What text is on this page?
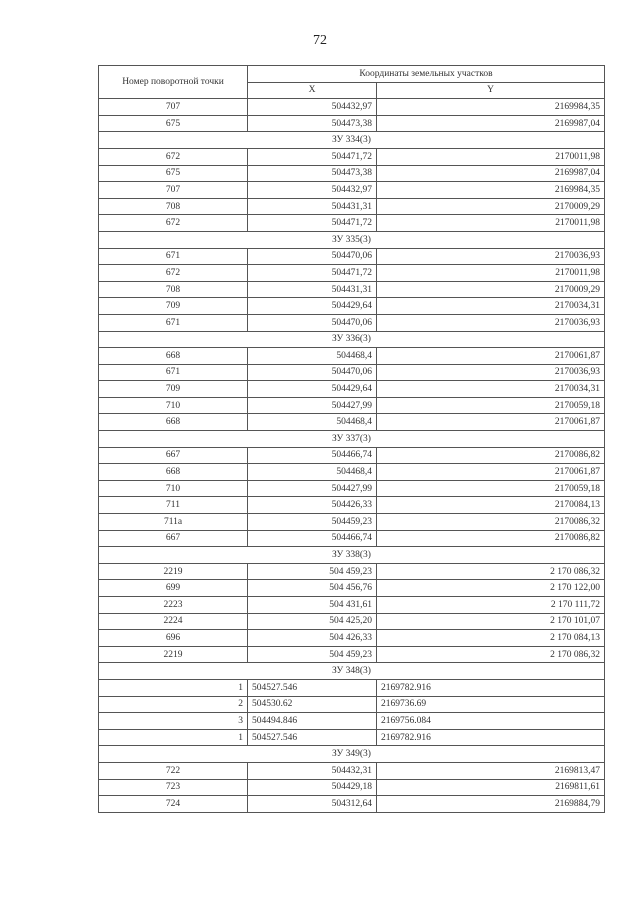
72
Номер поворотной точки	Координаты земельных участков	
	X	Y
707	504432,97	2169984,35
675	504473,38	2169987,04
ЗУ 334(3)		
672	504471,72	2170011,98
675	504473,38	2169987,04
707	504432,97	2169984,35
708	504431,31	2170009,29
672	504471,72	2170011,98
ЗУ 335(3)		
671	504470,06	2170036,93
672	504471,72	2170011,98
708	504431,31	2170009,29
709	504429,64	2170034,31
671	504470,06	2170036,93
ЗУ 336(3)		
668	504468,4	2170061,87
671	504470,06	2170036,93
709	504429,64	2170034,31
710	504427,99	2170059,18
668	504468,4	2170061,87
ЗУ 337(3)		
667	504466,74	2170086,82
668	504468,4	2170061,87
710	504427,99	2170059,18
711	504426,33	2170084,13
711а	504459,23	2170086,32
667	504466,74	2170086,82
ЗУ 338(3)		
2219	504 459,23	2 170 086,32
699	504 456,76	2 170 122,00
2223	504 431,61	2 170 111,72
2224	504 425,20	2 170 101,07
696	504 426,33	2 170 084,13
2219	504 459,23	2 170 086,32
ЗУ 348(3)		
1	504527.546	2169782.916
2	504530.62	2169736.69
3	504494.846	2169756.084
1	504527.546	2169782.916
ЗУ 349(3)		
722	504432,31	2169813,47
723	504429,18	2169811,61
724	504312,64	2169884,79
